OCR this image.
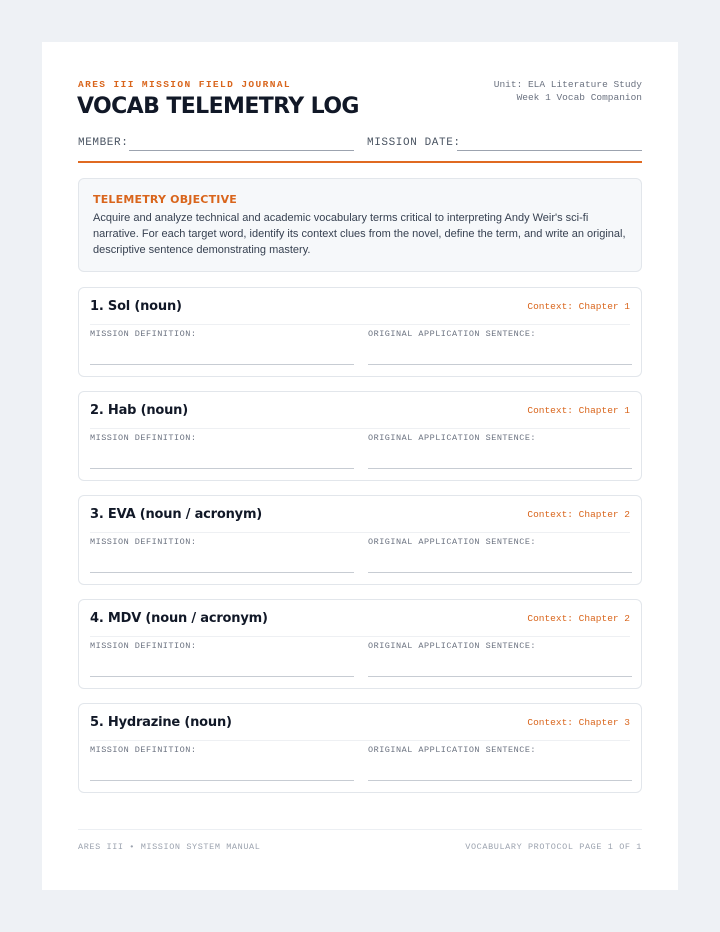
ARES III MISSION FIELD JOURNAL
VOCAB TELEMETRY LOG
Unit: ELA Literature Study
Week 1 Vocab Companion
MEMBER:	MISSION DATE:
TELEMETRY OBJECTIVE

Acquire and analyze technical and academic vocabulary terms critical to interpreting Andy Weir's sci-fi narrative. For each target word, identify its context clues from the novel, define the term, and write an original, descriptive sentence demonstrating mastery.

1. Sol (noun)	Context: Chapter 1
MISSION DEFINITION:	ORIGINAL APPLICATION SENTENCE:
2. Hab (noun)	Context: Chapter 1
MISSION DEFINITION:	ORIGINAL APPLICATION SENTENCE:
3. EVA (noun / acronym)	Context: Chapter 2
MISSION DEFINITION:	ORIGINAL APPLICATION SENTENCE:
4. MDV (noun / acronym)	Context: Chapter 2
MISSION DEFINITION:	ORIGINAL APPLICATION SENTENCE:
5. Hydrazine (noun)	Context: Chapter 3
MISSION DEFINITION:	ORIGINAL APPLICATION SENTENCE:
ARES III • MISSION SYSTEM MANUAL	VOCABULARY PROTOCOL PAGE 1 OF 1
